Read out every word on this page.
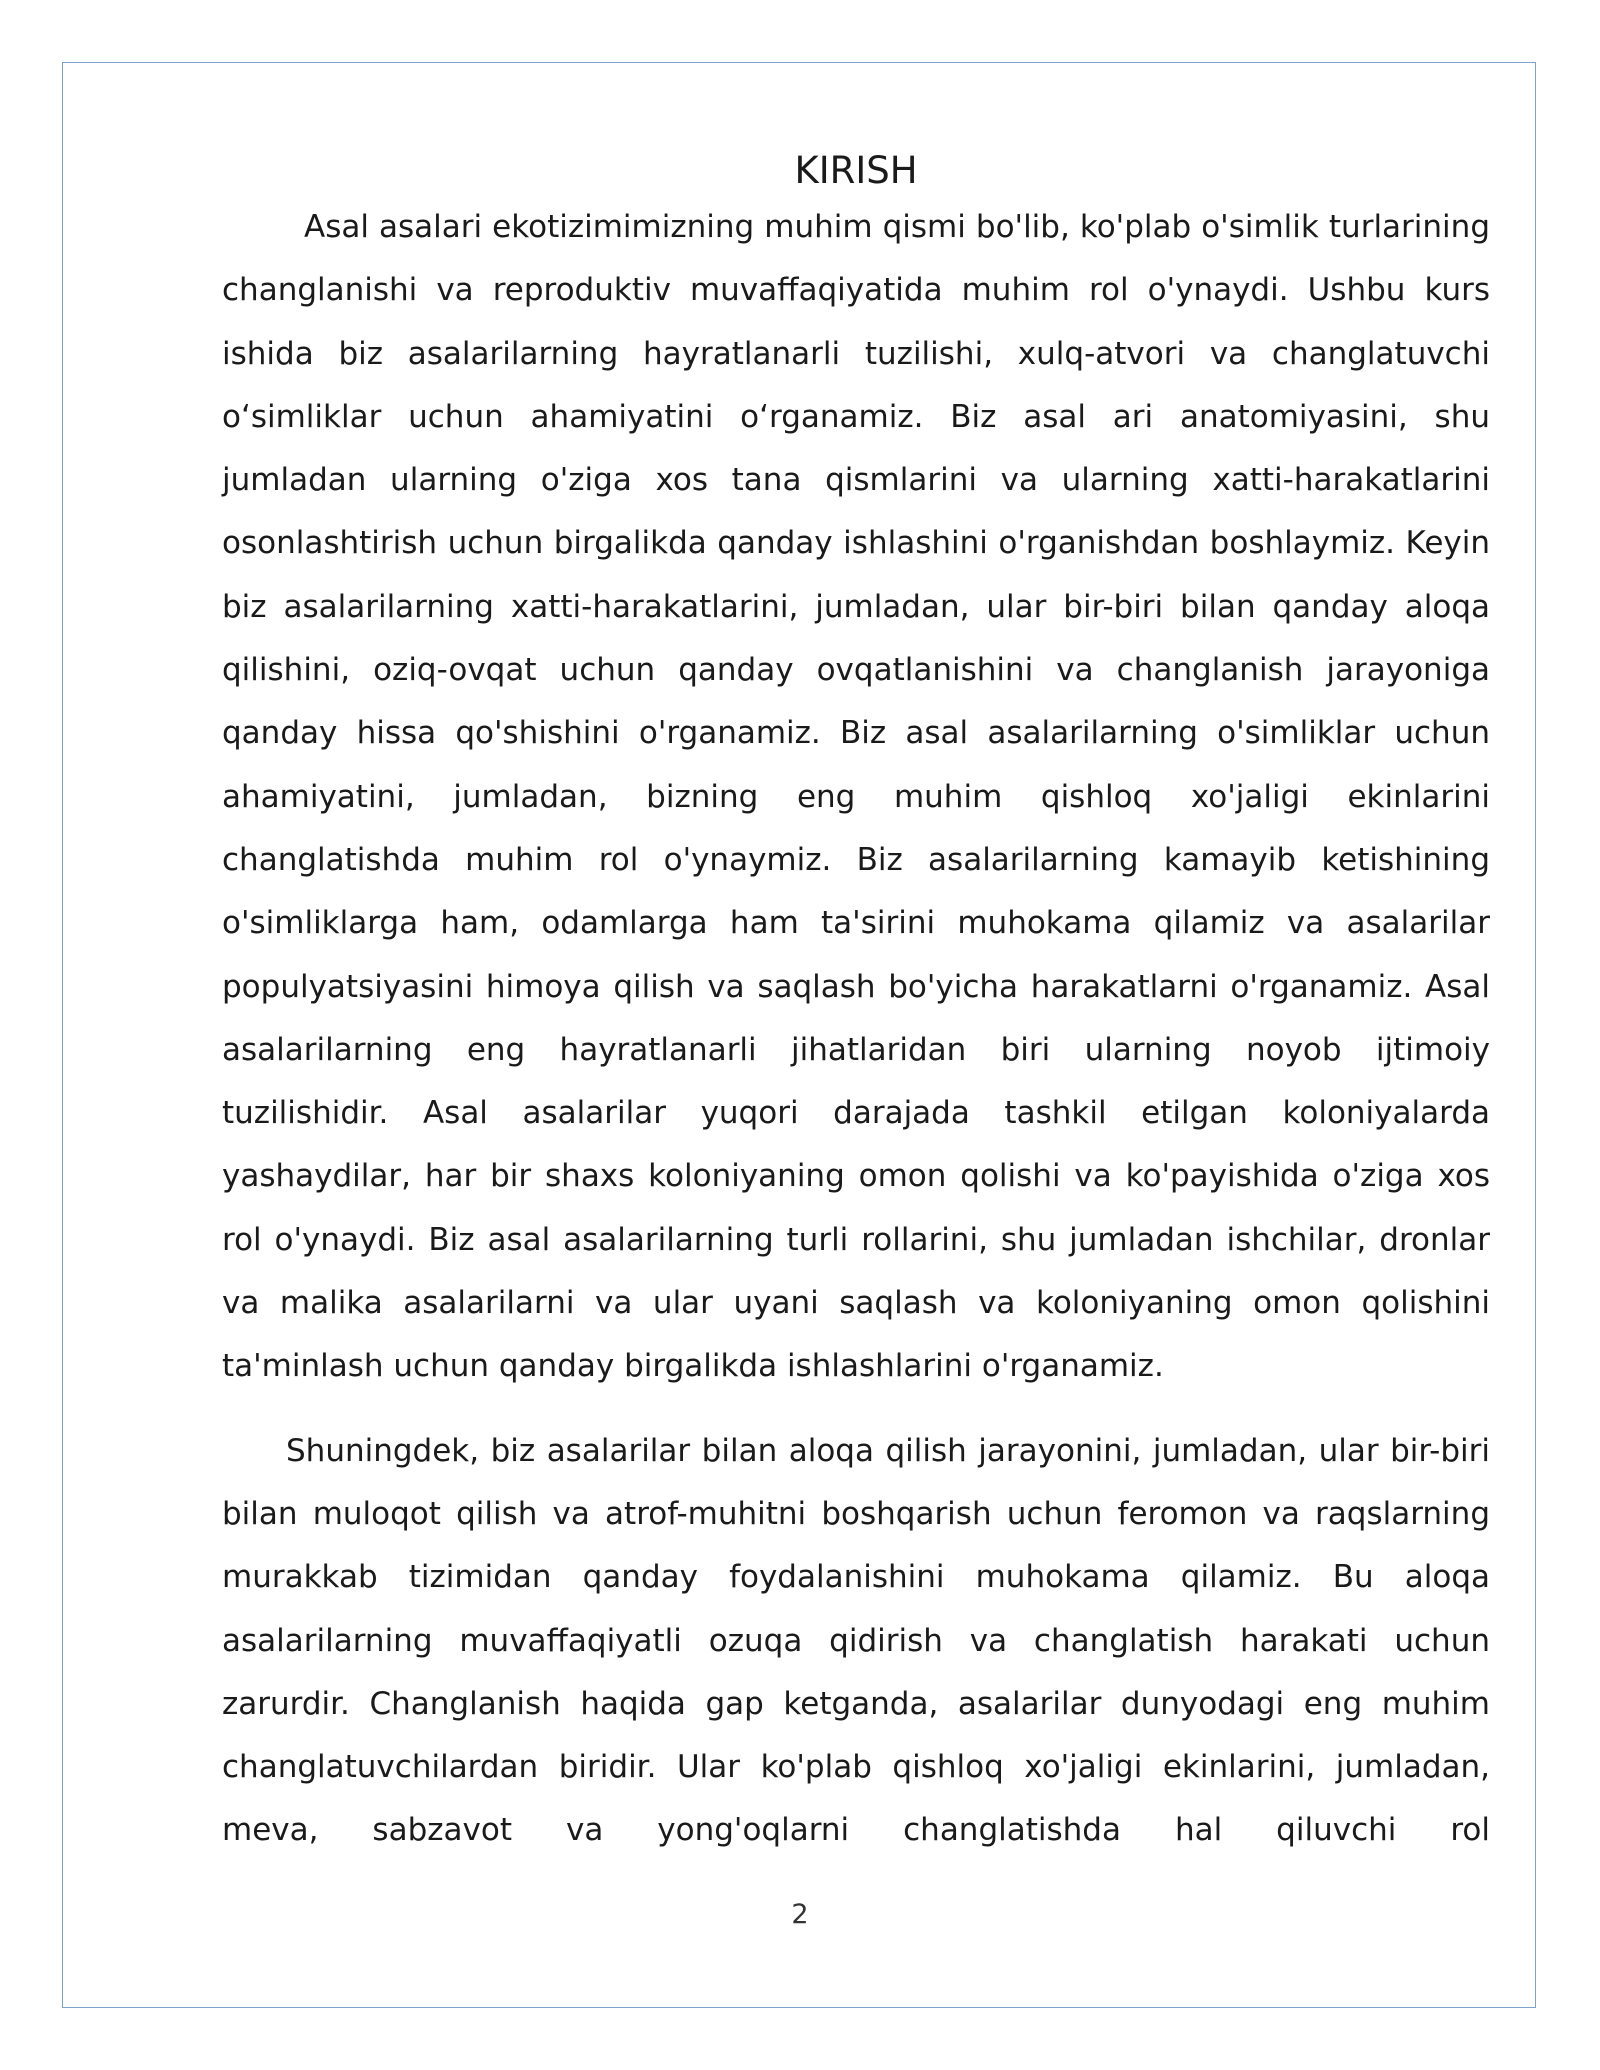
KIRISH

Asal asalari ekotizimimizning muhim qismi bo'lib, ko'plab o'simlik turlarining changlanishi va reproduktiv muvaffaqiyatida muhim rol o'ynaydi. Ushbu kurs ishida biz asalarilarning hayratlanarli tuzilishi, xulq-atvori va changlatuvchi o‘simliklar uchun ahamiyatini o‘rganamiz. Biz asal ari anatomiyasini, shu jumladan ularning o'ziga xos tana qismlarini va ularning xatti-harakatlarini osonlashtirish uchun birgalikda qanday ishlashini o'rganishdan boshlaymiz. Keyin biz asalarilarning xatti-harakatlarini, jumladan, ular bir-biri bilan qanday aloqa qilishini, oziq-ovqat uchun qanday ovqatlanishini va changlanish jarayoniga qanday hissa qo'shishini o'rganamiz. Biz asal asalarilarning o'simliklar uchun ahamiyatini, jumladan, bizning eng muhim qishloq xo'jaligi ekinlarini changlatishda muhim rol o'ynaymiz. Biz asalarilarning kamayib ketishining o'simliklarga ham, odamlarga ham ta'sirini muhokama qilamiz va asalarilar populyatsiyasini himoya qilish va saqlash bo'yicha harakatlarni o'rganamiz. Asal asalarilarning eng hayratlanarli jihatlaridan biri ularning noyob ijtimoiy tuzilishidir. Asal asalarilar yuqori darajada tashkil etilgan koloniyalarda yashaydilar, har bir shaxs koloniyaning omon qolishi va ko'payishida o'ziga xos rol o'ynaydi. Biz asal asalarilarning turli rollarini, shu jumladan ishchilar, dronlar va malika asalarilarni va ular uyani saqlash va koloniyaning omon qolishini ta'minlash uchun qanday birgalikda ishlashlarini o'rganamiz.

Shuningdek, biz asalarilar bilan aloqa qilish jarayonini, jumladan, ular bir-biri bilan muloqot qilish va atrof-muhitni boshqarish uchun feromon va raqslarning murakkab tizimidan qanday foydalanishini muhokama qilamiz. Bu aloqa asalarilarning muvaffaqiyatli ozuqa qidirish va changlatish harakati uchun zarurdir. Changlanish haqida gap ketganda, asalarilar dunyodagi eng muhim changlatuvchilardan biridir. Ular ko'plab qishloq xo'jaligi ekinlarini, jumladan, meva, sabzavot va yong'oqlarni changlatishda hal qiluvchi rol

2
